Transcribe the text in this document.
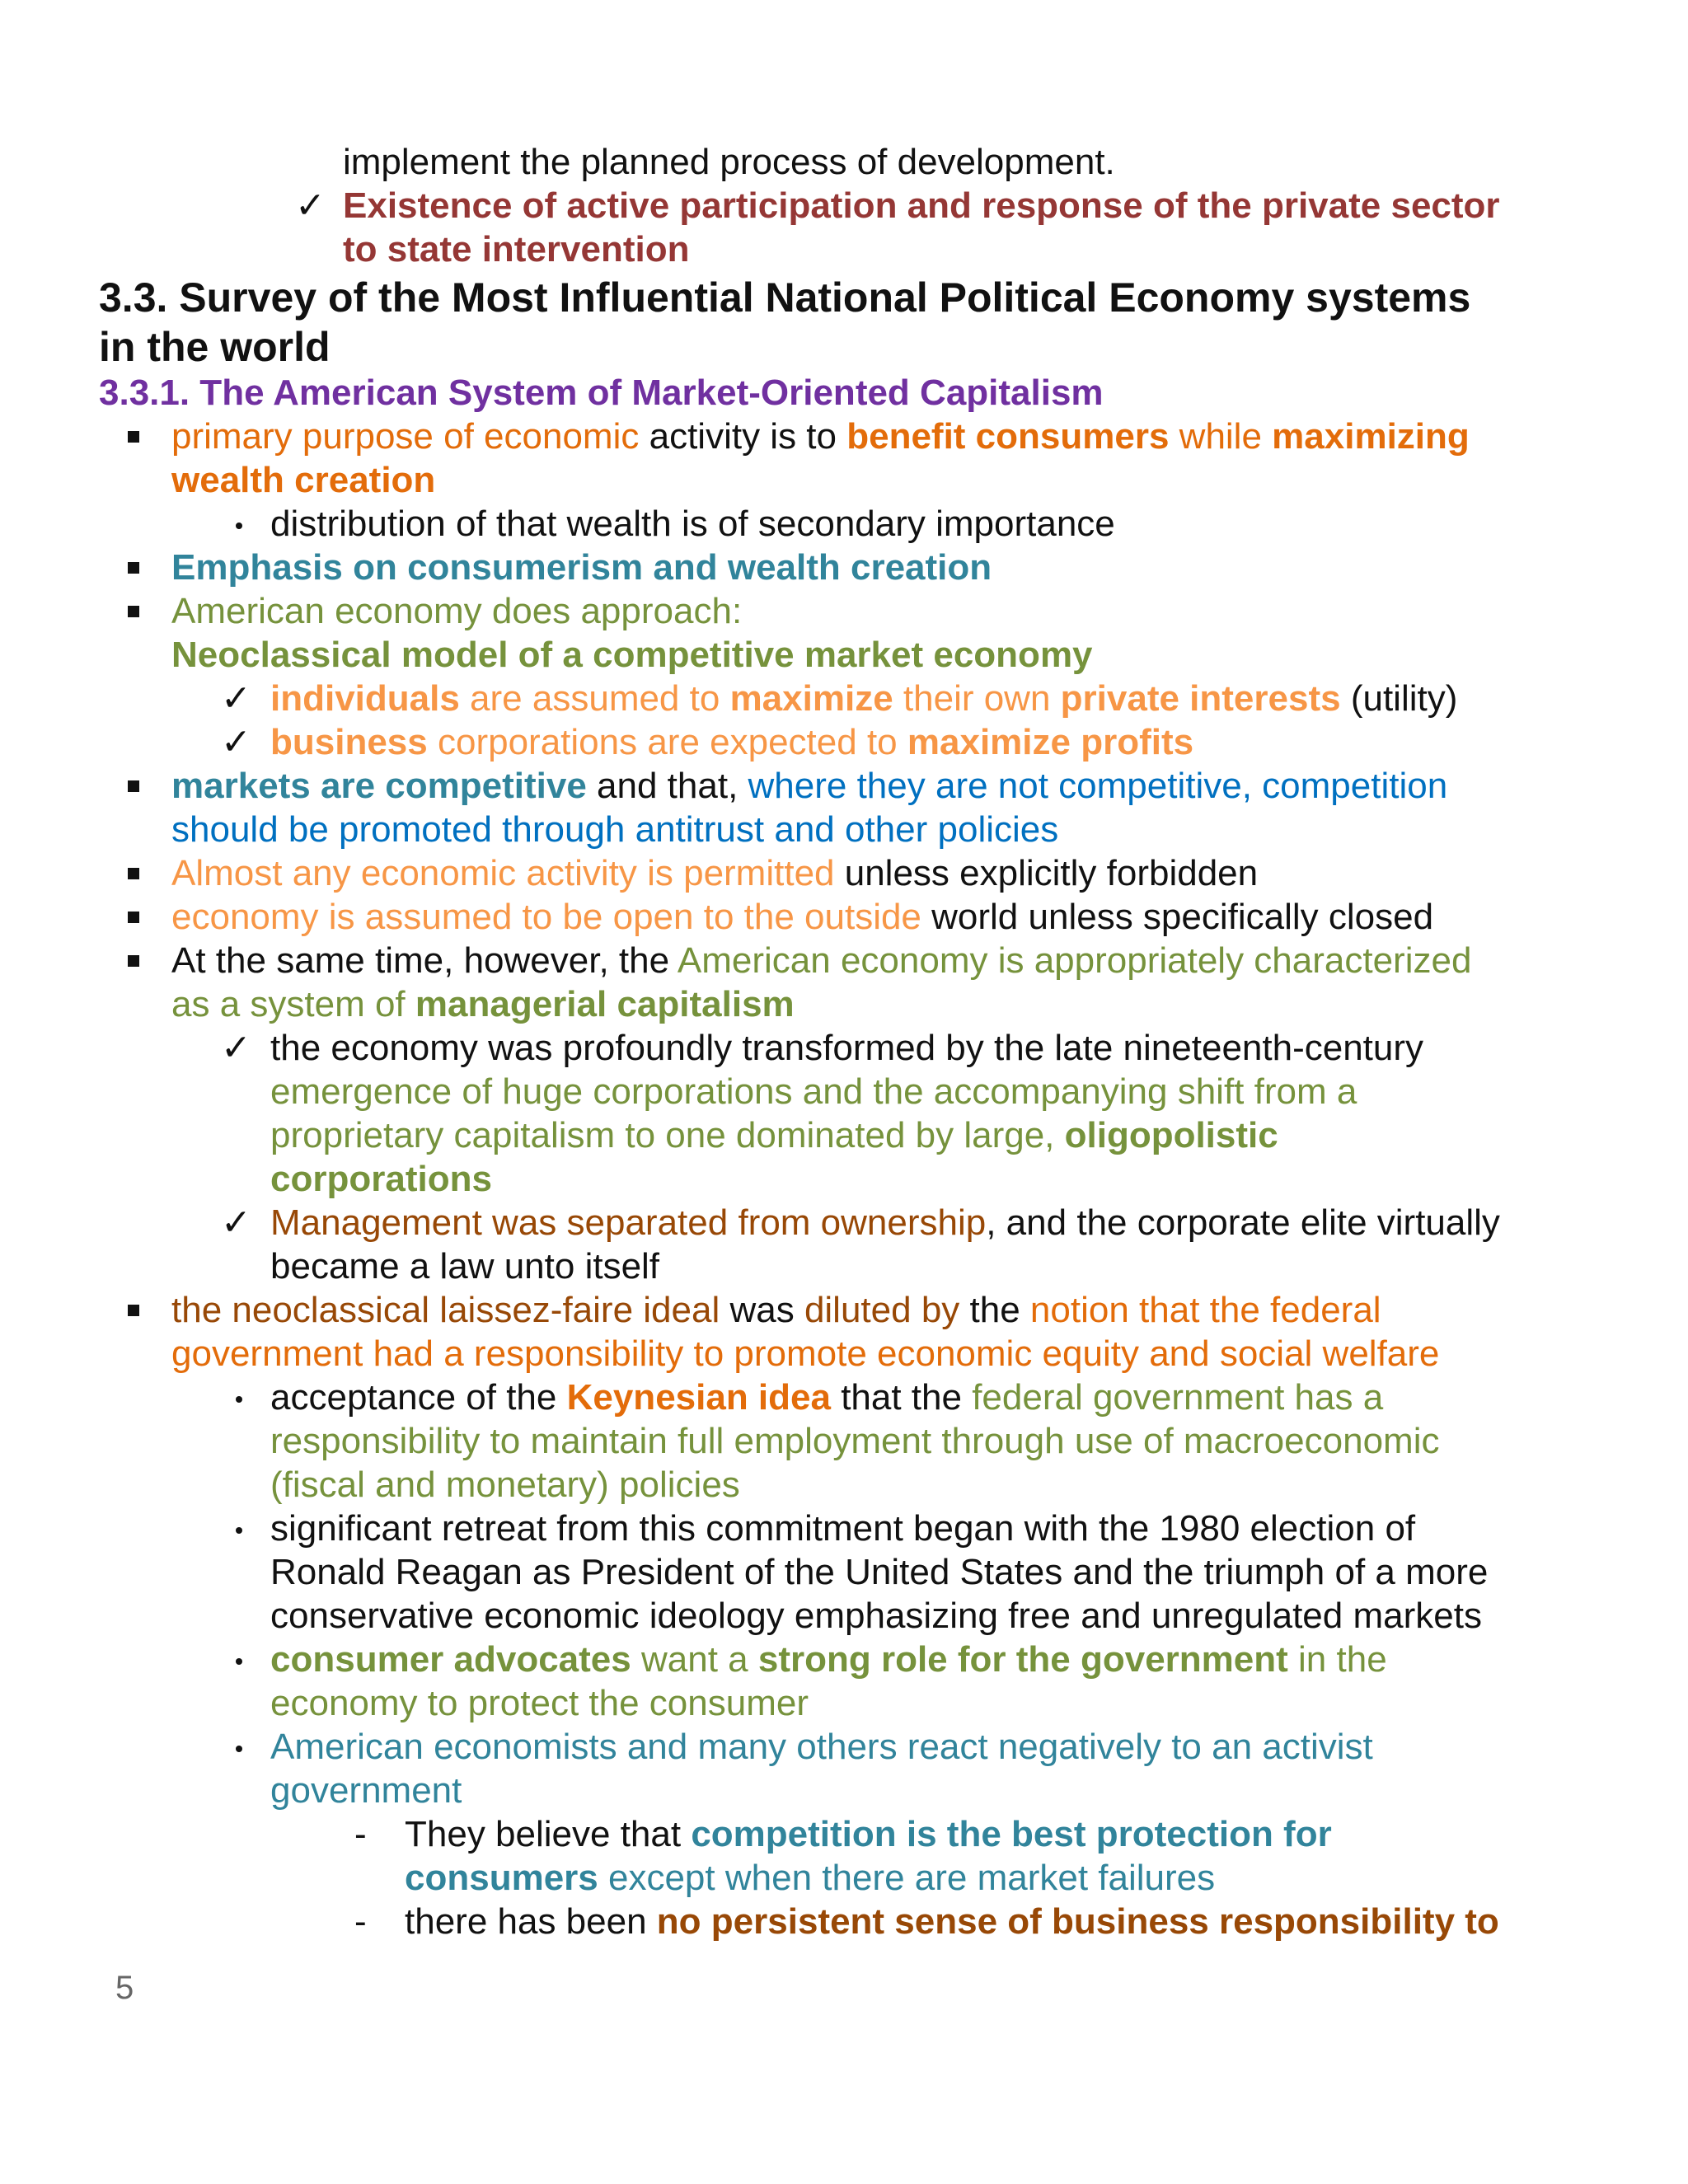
implement the planned process of development.
✓ Existence of active participation and response of the private sector
to state intervention
3.3. Survey of the Most Influential National Political Economy systems
in the world
3.3.1. The American System of Market-Oriented Capitalism
primary purpose of economic activity is to benefit consumers while maximizing
wealth creation
distribution of that wealth is of secondary importance
Emphasis on consumerism and wealth creation
American economy does approach:
Neoclassical model of a competitive market economy
✓ individuals are assumed to maximize their own private interests (utility)
✓ business corporations are expected to maximize profits
markets are competitive and that, where they are not competitive, competition
should be promoted through antitrust and other policies
Almost any economic activity is permitted unless explicitly forbidden
economy is assumed to be open to the outside world unless specifically closed
At the same time, however, the American economy is appropriately characterized
as a system of managerial capitalism
✓ the economy was profoundly transformed by the late nineteenth-century
emergence of huge corporations and the accompanying shift from a
proprietary capitalism to one dominated by large, oligopolistic
corporations
✓ Management was separated from ownership, and the corporate elite virtually
became a law unto itself
the neoclassical laissez-faire ideal was diluted by the notion that the federal
government had a responsibility to promote economic equity and social welfare
acceptance of the Keynesian idea that the federal government has a
responsibility to maintain full employment through use of macroeconomic
(fiscal and monetary) policies
significant retreat from this commitment began with the 1980 election of
Ronald Reagan as President of the United States and the triumph of a more
conservative economic ideology emphasizing free and unregulated markets
consumer advocates want a strong role for the government in the
economy to protect the consumer
American economists and many others react negatively to an activist
government
- They believe that competition is the best protection for
consumers except when there are market failures
- there has been no persistent sense of business responsibility to
5
